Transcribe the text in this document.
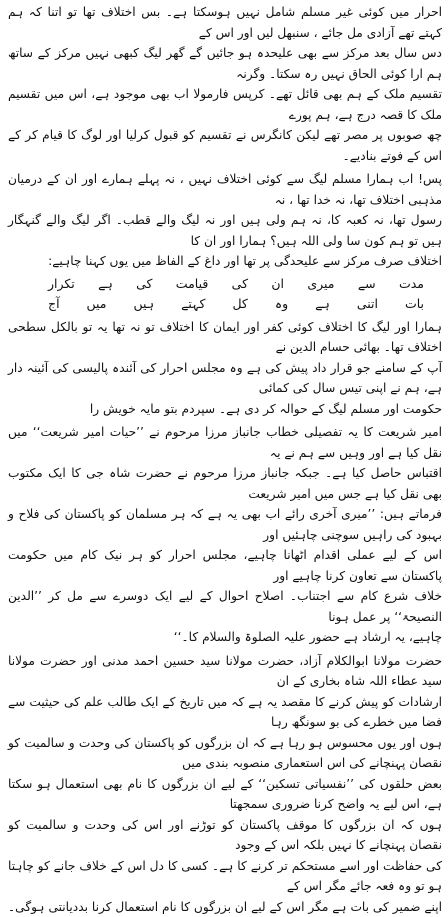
احرار میں کوئی غیر مسلم شامل نہیں ہوسکتا ہے۔ بس اختلاف تھا تو اتنا کہ ہم کہتے تھے آزادی مل جائے ، سنبھل لیں اور اس کے

دس سال بعد مرکز سے بھی علیحدہ ہو جائیں گے گھر لیگ کبھی نہیں مرکز کے ساتھ ہم ارا کوئی الحاق نہیں رہ سکتا۔ وگرنہ

تقسیم ملک کے ہم بھی قائل تھے۔ کرپس فارمولا اب بھی موجود ہے، اس میں تقسیم ملک کا قصہ درج ہے، ہم پورے

چھ صوبوں پر مصر تھے لیکن کانگرس نے تقسیم کو قبول کرلیا اور لوگ کا قیام کر کے اس کے فوتے بنادیے۔

پس! اب ہمارا مسلم لیگ سے کوئی اختلاف نہیں ، نہ پہلے ہمارے اور ان کے درمیان مذہبی اختلاف تھا، نہ خدا تھا ، نہ

رسول تھا، نہ کعبہ کا، نہ ہم ولی ہیں اور نہ لیگ والے قطب۔ اگر لیگ والے گنہگار ہیں تو ہم کون سا ولی اللہ ہیں؟ ہمارا اور ان کا

اختلاف صرف مرکز سے علیحدگی پر تھا اور داغ کے الفاظ میں یوں کہنا چاہیے:

مدت سے میری ان کی قیامت کی ہے تکرار
بات اتنی ہے وہ کل کہتے ہیں میں آج

ہمارا اور لیگ کا اختلاف کوئی کفر اور ایمان کا اختلاف تو نہ تھا یہ تو بالکل سطحی اختلاف تھا۔ بھائی حسام الدین نے

آپ کے سامنے جو قرار داد پیش کی ہے وہ مجلس احرار کی آئندہ پالیسی کی آئینہ دار ہے، ہم نے اپنی تیس سال کی کمائی

حکومت اور مسلم لیگ کے حوالہ کر دی ہے۔ سپردم بتو مایہ خویش را

امیر شریعت کا یہ تفصیلی خطاب جانباز مرزا مرحوم نے ’’حیات امیر شریعت‘‘ میں نقل کیا ہے اور وہیں سے ہم نے یہ

اقتباس حاصل کیا ہے۔ جبکہ جانباز مرزا مرحوم نے حضرت شاہ جی کا ایک مکتوب بھی نقل کیا ہے جس میں امیر شریعت

فرماتے ہیں: ’’میری آخری رائے اب بھی یہ ہے کہ ہر مسلمان کو پاکستان کی فلاح و بہبود کی راہیں سوچنی چاہئیں اور

اس کے لیے عملی اقدام اٹھانا چاہیے، مجلس احرار کو ہر نیک کام میں حکومت پاکستان سے تعاون کرنا چاہیے اور

خلاف شرع کام سے اجتناب۔ اصلاح احوال کے لیے ایک دوسرے سے مل کر ’’الدین النصیحۃ‘‘ پر عمل ہونا

چاہیے، یہ ارشاد ہے حضور علیہ الصلوۃ والسلام کا۔‘‘

حضرت مولانا ابوالکلام آزاد، حضرت مولانا سید حسین احمد مدنی اور حضرت مولانا سید عطاء اللہ شاہ بخاری کے ان

ارشادات کو پیش کرنے کا مقصد یہ ہے کہ میں تاریخ کے ایک طالب علم کی حیثیت سے فضا میں خطرے کی بو سونگھ رہا

ہوں اور یوں محسوس ہو رہا ہے کہ ان بزرگوں کو پاکستان کی وحدت و سالمیت کو نقصان پہنچانے کی اس استعماری منصوبہ بندی میں

بعض حلقوں کی ’’نفسیاتی تسکین‘‘ کے لیے ان بزرگوں کا نام بھی استعمال ہو سکتا ہے، اس لیے یہ واضح کرنا ضروری سمجھتا

ہوں کہ ان بزرگوں کا موقف پاکستان کو توڑنے اور اس کی وحدت و سالمیت کو نقصان پہنچانے کا نہیں بلکہ اس کے وجود

کی حفاظت اور اسے مستحکم تر کرنے کا ہے۔ کسی کا دل اس کے خلاف جانے کو چاہتا ہو تو وہ فعہ جائے مگر اس کے

اپنے ضمیر کی بات ہے مگر اس کے لیے ان بزرگوں کا نام استعمال کرنا بددیانتی ہوگی۔
